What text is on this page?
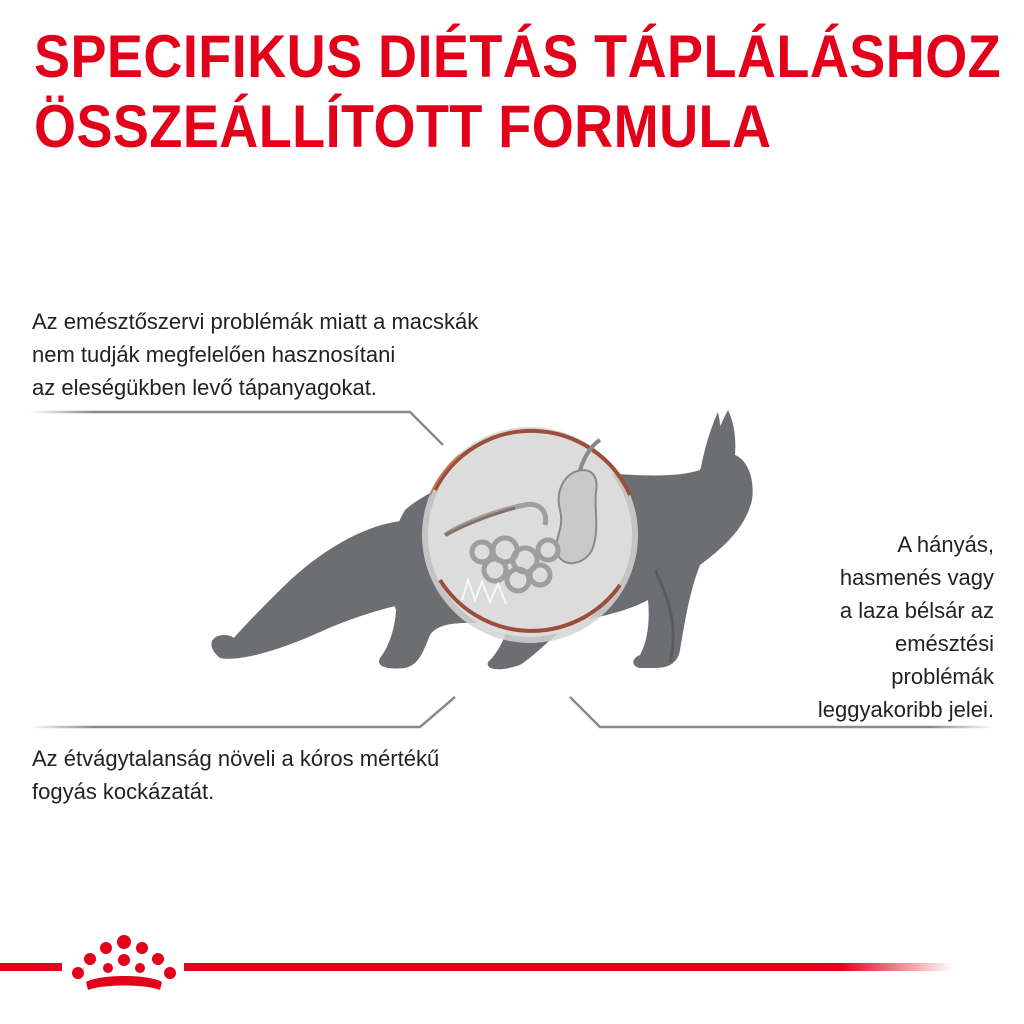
SPECIFIKUS DIÉTÁS TÁPLÁLÁSHOZ
ÖSSZEÁLLÍTOTT FORMULA
Az emésztőszervi problémák miatt a macskák
nem tudják megfelelően hasznosítani
az eleségükben levő tápanyagokat.
Az étvágytalanság növeli a kóros mértékű
fogyás kockázatát.
A hányás,
hasmenés vagy
a laza bélsár az
emésztési
problémák
leggyakoribb jelei.
